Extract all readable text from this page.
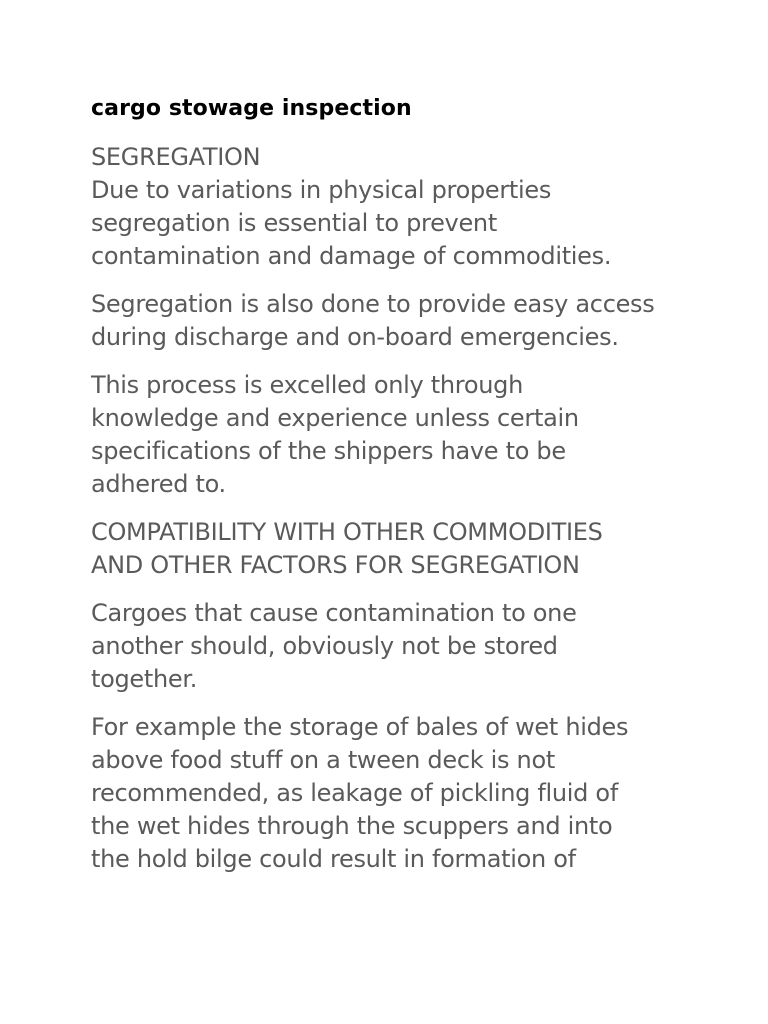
cargo stowage inspection

SEGREGATION
Due to variations in physical properties
segregation is essential to prevent
contamination and damage of commodities.

Segregation is also done to provide easy access
during discharge and on-board emergencies.

This process is excelled only through
knowledge and experience unless certain
specifications of the shippers have to be
adhered to.

COMPATIBILITY WITH OTHER COMMODITIES
AND OTHER FACTORS FOR SEGREGATION

Cargoes that cause contamination to one
another should, obviously not be stored
together.

For example the storage of bales of wet hides
above food stuff on a tween deck is not
recommended, as leakage of pickling fluid of
the wet hides through the scuppers and into
the hold bilge could result in formation of
